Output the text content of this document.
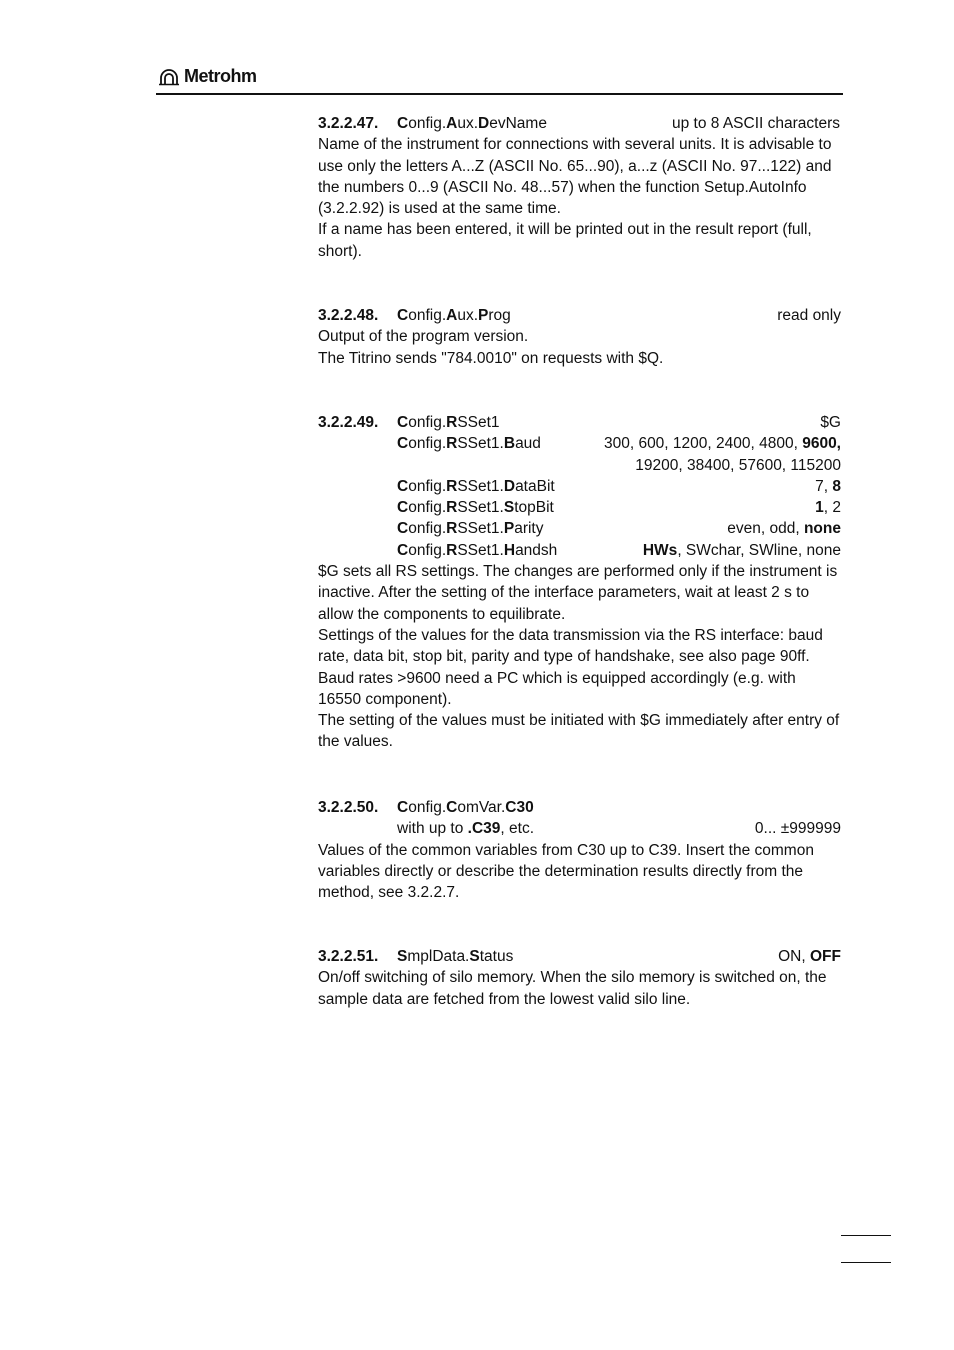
Metrohm
3.2.2.47. Config.Aux.DevName	up to 8 ASCII characters

Name of the instrument for connections with several units. It is advisable to use only the letters A...Z (ASCII No. 65...90), a...z (ASCII No. 97...122) and the numbers 0...9 (ASCII No. 48...57) when the function Setup.AutoInfo (3.2.2.92) is used at the same time.

If a name has been entered, it will be printed out in the result report (full, short).

3.2.2.48. Config.Aux.Prog	read only

Output of the program version.

The Titrino sends "784.0010" on requests with $Q.

3.2.2.49. Config.RSSet1	$G
Config.RSSet1.Baud	300, 600, 1200, 2400, 4800, 9600,
19200, 38400, 57600, 115200
Config.RSSet1.DataBit	7, 8
Config.RSSet1.StopBit	1, 2
Config.RSSet1.Parity	even, odd, none
Config.RSSet1.Handsh	HWs, SWchar, SWline, none

$G sets all RS settings. The changes are performed only if the instrument is inactive. After the setting of the interface parameters, wait at least 2 s to allow the components to equilibrate.

Settings of the values for the data transmission via the RS interface: baud rate, data bit, stop bit, parity and type of handshake, see also page 90ff. Baud rates >9600 need a PC which is equipped accordingly (e.g. with 16550 component).

The setting of the values must be initiated with $G immediately after entry of the values.

3.2.2.50. Config.ComVar.C30
with up to .C39, etc.	0... ±999999

Values of the common variables from C30 up to C39. Insert the common variables directly or describe the determination results directly from the method, see 3.2.2.7.

3.2.2.51. SmplData.Status	ON, OFF

On/off switching of silo memory. When the silo memory is switched on, the sample data are fetched from the lowest valid silo line.
